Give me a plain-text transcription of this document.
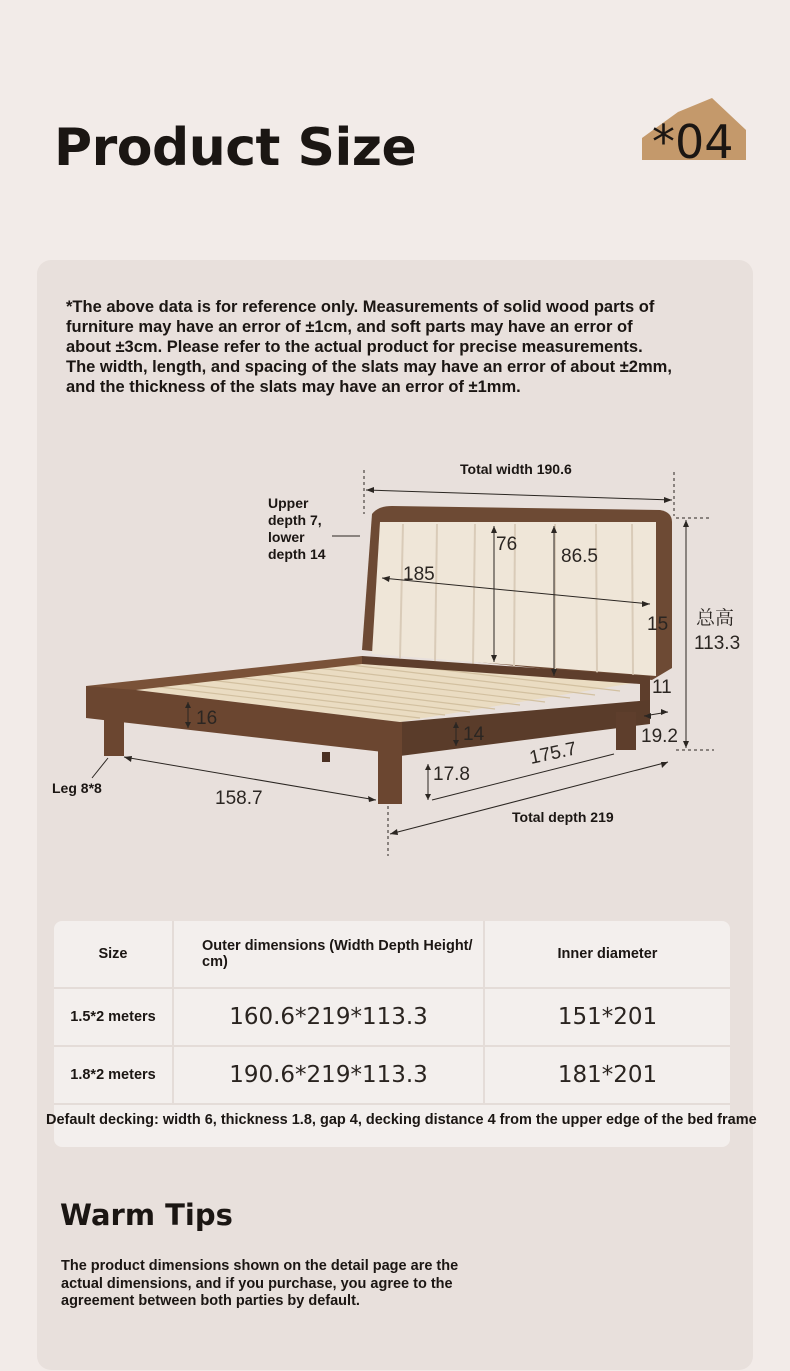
Product Size	*04
*The above data is for reference only. Measurements of solid wood parts of furniture may have an error of ±1cm, and soft parts may have an error of about ±3cm. Please refer to the actual product for precise measurements. The width, length, and spacing of the slats may have an error of about ±2mm, and the thickness of the slats may have an error of ±1mm.
Total width 190.6
Upper
depth 7,
lower
depth 14
185
76
86.5
15
11
总高
113.3
16
14
175.7
19.2
17.8
158.7
Leg 8*8
Total depth 219
Size	Outer dimensions (Width Depth Height/ cm)	Inner diameter
1.5*2 meters	160.6*219*113.3	151*201
1.8*2 meters	190.6*219*113.3	181*201
Default decking: width 6, thickness 1.8, gap 4, decking distance 4 from the upper edge of the bed frame
Warm Tips
The product dimensions shown on the detail page are the actual dimensions, and if you purchase, you agree to the agreement between both parties by default.
